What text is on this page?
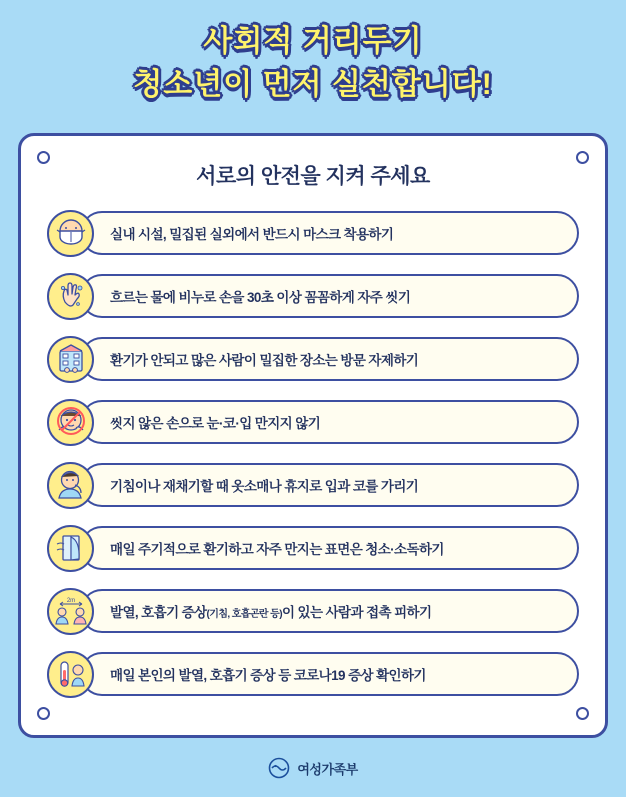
사회적 거리두기
청소년이 먼저 실천합니다!
서로의 안전을 지켜 주세요
실내 시설, 밀집된 실외에서 반드시 마스크 착용하기
흐르는 물에 비누로 손을 30초 이상 꼼꼼하게 자주 씻기
환기가 안되고 많은 사람이 밀집한 장소는 방문 자제하기
씻지 않은 손으로 눈·코·입 만지지 않기
기침이나 재채기할 때 옷소매나 휴지로 입과 코를 가리기
매일 주기적으로 환기하고 자주 만지는 표면은 청소·소독하기
2m
발열, 호흡기 증상(기침, 호흡곤란 등)이 있는 사람과 접촉 피하기
매일 본인의 발열, 호흡기 증상 등 코로나19 증상 확인하기
여성가족부
